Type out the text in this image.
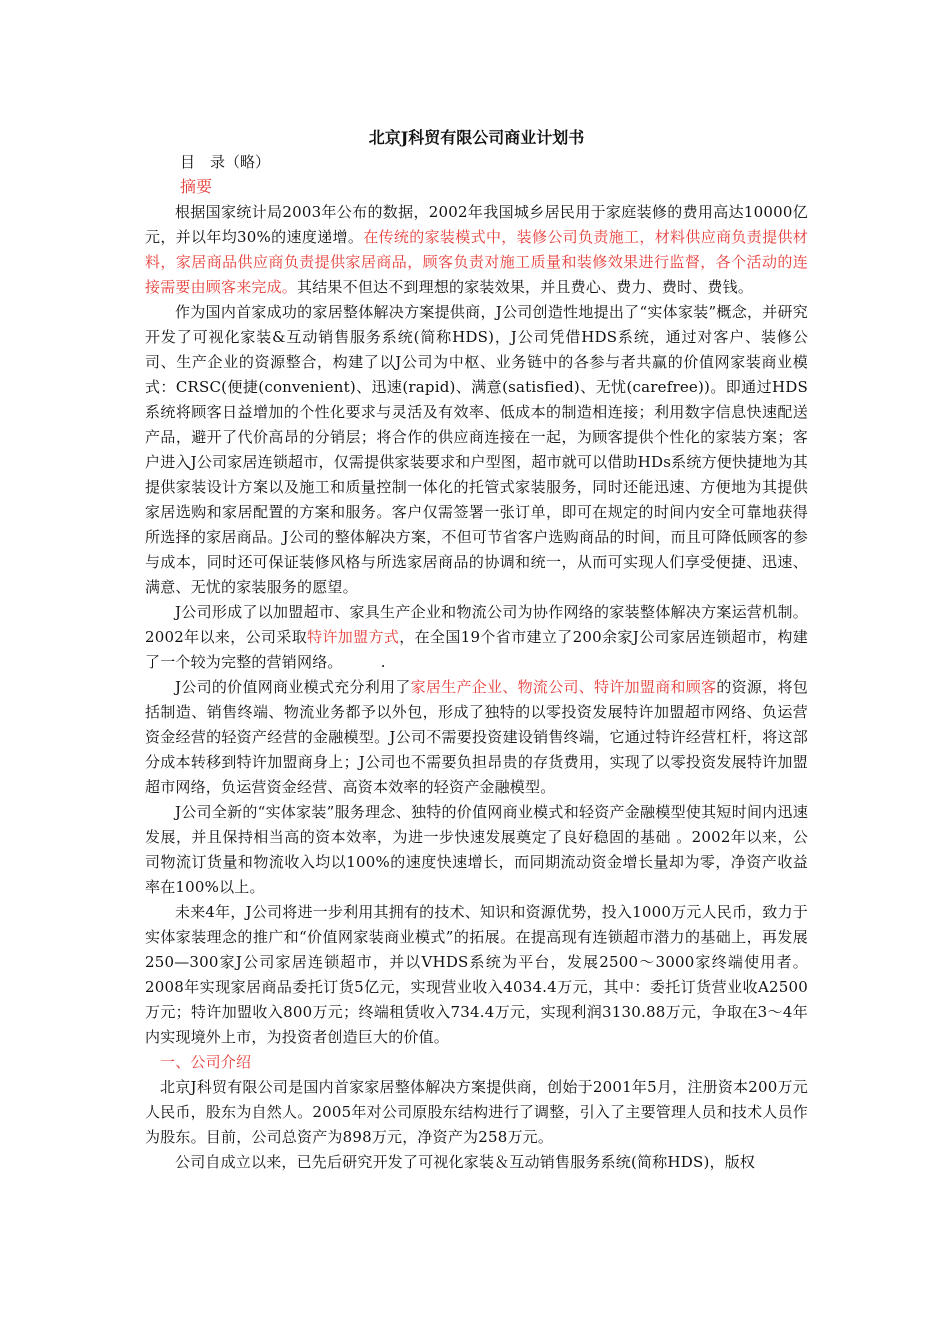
北京J科贸有限公司商业计划书
目　录（略）
摘要

根据国家统计局2003年公布的数据，2002年我国城乡居民用于家庭装修的费用高达10000亿元，并以年均30%的速度递增。在传统的家装模式中，装修公司负责施工，材料供应商负责提供材料，家居商品供应商负责提供家居商品，顾客负责对施工质量和装修效果进行监督，各个活动的连接需要由顾客来完成。其结果不但达不到理想的家装效果，并且费心、费力、费时、费钱。

作为国内首家成功的家居整体解决方案提供商，J公司创造性地提出了“实体家装”概念，并研究开发了可视化家装&互动销售服务系统(简称HDS)，J公司凭借HDS系统，通过对客户、装修公司、生产企业的资源整合，构建了以J公司为中枢、业务链中的各参与者共赢的价值网家装商业模式：CRSC(便捷(convenient)、迅速(rapid)、满意(satisfied)、无忧(carefree))。即通过HDS系统将顾客日益增加的个性化要求与灵活及有效率、低成本的制造相连接；利用数字信息快速配送产品，避开了代价高昂的分销层；将合作的供应商连接在一起，为顾客提供个性化的家装方案；客户进入J公司家居连锁超市，仅需提供家装要求和户型图，超市就可以借助HDs系统方便快捷地为其提供家装设计方案以及施工和质量控制一体化的托管式家装服务，同时还能迅速、方便地为其提供家居选购和家居配置的方案和服务。客户仅需签署一张订单，即可在规定的时间内安全可靠地获得所选择的家居商品。J公司的整体解决方案，不但可节省客户选购商品的时间，而且可降低顾客的参与成本，同时还可保证装修风格与所选家居商品的协调和统一，从而可实现人们享受便捷、迅速、满意、无忧的家装服务的愿望。

J公司形成了以加盟超市、家具生产企业和物流公司为协作网络的家装整体解决方案运营机制。2002年以来，公司采取特许加盟方式，在全国19个省市建立了200余家J公司家居连锁超市，构建了一个较为完整的营销网络。　　　.

J公司的价值网商业模式充分利用了家居生产企业、物流公司、特许加盟商和顾客的资源，将包括制造、销售终端、物流业务都予以外包，形成了独特的以零投资发展特许加盟超市网络、负运营资金经营的轻资产经营的金融模型。J公司不需要投资建设销售终端，它通过特许经营杠杆，将这部分成本转移到特许加盟商身上；J公司也不需要负担昂贵的存货费用，实现了以零投资发展特许加盟超市网络，负运营资金经营、高资本效率的轻资产金融模型。

J公司全新的“实体家装”服务理念、独特的价值网商业模式和轻资产金融模型使其短时间内迅速发展，并且保持相当高的资本效率，为进一步快速发展奠定了良好稳固的基础 。2002年以来，公司物流订货量和物流收入均以100%的速度快速增长，而同期流动资金增长量却为零，净资产收益率在100%以上。

未来4年，J公司将进一步利用其拥有的技术、知识和资源优势，投入1000万元人民币，致力于实体家装理念的推广和“价值网家装商业模式”的拓展。在提高现有连锁超市潜力的基础上，再发展250—300家J公司家居连锁超市，并以VHDS系统为平台，发展2500～3000家终端使用者。2008年实现家居商品委托订货5亿元，实现营业收入4034.4万元，其中：委托订货营业收A2500万元；特许加盟收入800万元；终端租赁收入734.4万元，实现利润3130.88万元，争取在3～4年内实现境外上市，为投资者创造巨大的价值。

一、公司介绍

北京J科贸有限公司是国内首家家居整体解决方案提供商，创始于2001年5月，注册资本200万元人民币，股东为自然人。2005年对公司原股东结构进行了调整，引入了主要管理人员和技术人员作为股东。目前，公司总资产为898万元，净资产为258万元。

公司自成立以来，已先后研究开发了可视化家装＆互动销售服务系统(简称HDS)，版权
